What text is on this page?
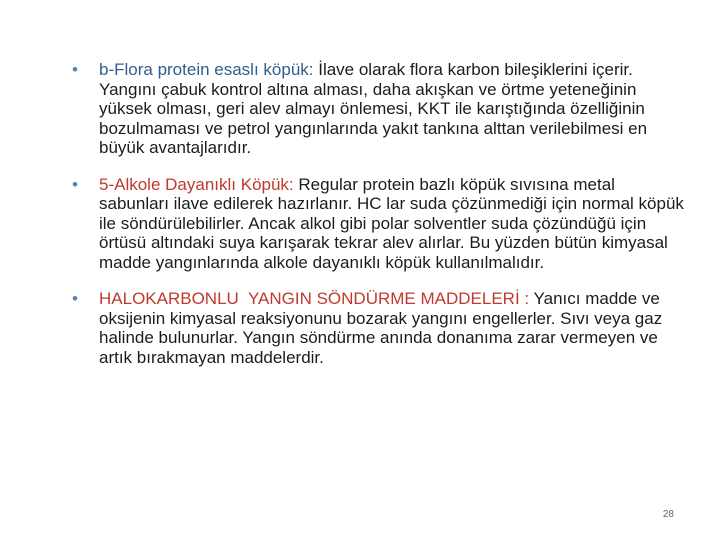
•	b-Flora protein esaslı köpük: İlave olarak flora karbon bileşiklerini içerir. Yangını çabuk kontrol altına alması, daha akışkan ve örtme yeteneğinin yüksek olması, geri alev almayı önlemesi, KKT ile karıştığında özelliğinin bozulmaması ve petrol yangınlarında yakıt tankına alttan verilebilmesi en büyük avantajlarıdır.
•	5-Alkole Dayanıklı Köpük: Regular protein bazlı köpük sıvısına metal sabunları ilave edilerek hazırlanır. HC lar suda çözünmediği için normal köpük ile söndürülebilirler. Ancak alkol gibi polar solventler suda çözündüğü için örtüsü altındaki suya karışarak tekrar alev alırlar. Bu yüzden bütün kimyasal madde yangınlarında alkole dayanıklı köpük kullanılmalıdır.
•	HALOKARBONLU  YANGIN SÖNDÜRME MADDELERİ : Yanıcı madde ve oksijenin kimyasal reaksiyonunu bozarak yangını engellerler. Sıvı veya gaz halinde bulunurlar. Yangın söndürme anında donanıma zarar vermeyen ve artık bırakmayan maddelerdir.
28
